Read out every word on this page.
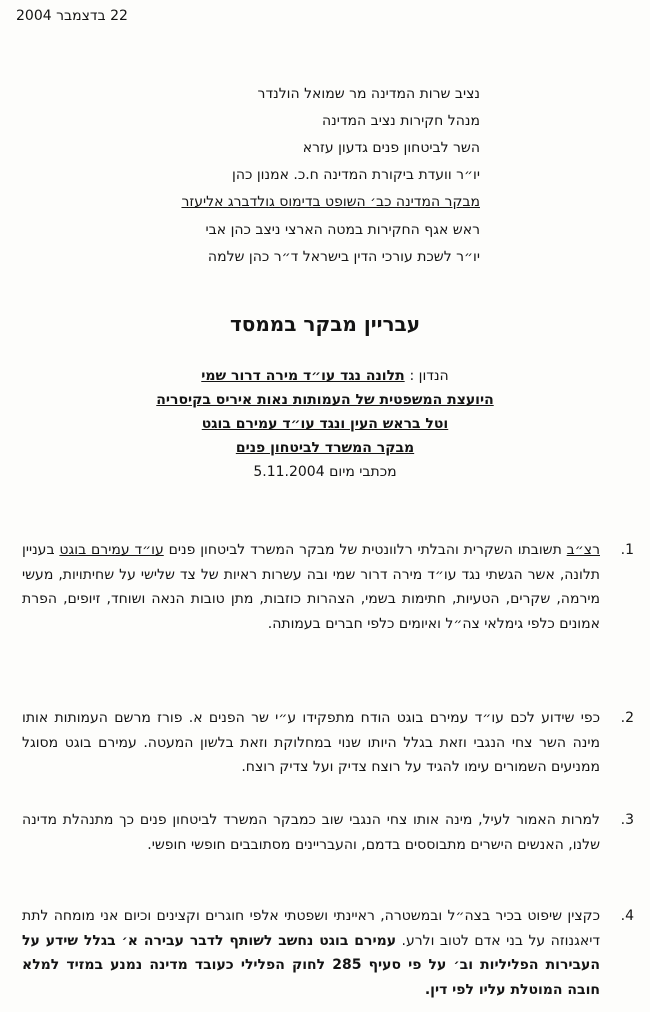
22 בדצמבר 2004
נציב שרות המדינה מר שמואל הולנדר
מנהל חקירות נציב המדינה
השר לביטחון פנים גדעון עזרא
יו״ר וועדת ביקורת המדינה ח.כ. אמנון כהן
מבקר המדינה כב׳ השופט בדימוס גולדברג אליעזר
ראש אגף החקירות במטה הארצי ניצב כהן אבי
יו״ר לשכת עורכי הדין בישראל ד״ר כהן שלמה
עבריין מבקר בממסד
הנדון : תלונה נגד עו״ד מירה דרור שמי
היועצת המשפטית של העמותות נאות איריס בקיסריה
וטל בראש העין ונגד עו״ד עמירם בוגט
מבקר המשרד לביטחון פנים
מכתבי מיום 5.11.2004
1.
רצ״ב תשובתו השקרית והבלתי רלוונטית של מבקר המשרד לביטחון פנים עו״ד עמירם בוגט בעניין תלונה, אשר הגשתי נגד עו״ד מירה דרור שמי ובה עשרות ראיות של צד שלישי על שחיתויות, מעשי מירמה, שקרים, הטעיות, חתימות בשמי, הצהרות כוזבות, מתן טובות הנאה ושוחד, זיופים, הפרת אמונים כלפי גימלאי צה״ל ואיומים כלפי חברים בעמותה.
2.
כפי שידוע לכם עו״ד עמירם בוגט הודח מתפקידו ע״י שר הפנים א. פורז מרשם העמותות אותו מינה השר צחי הנגבי וזאת בגלל היותו שנוי במחלוקת וזאת בלשון המעטה. עמירם בוגט מסוגל ממניעים השמורים עימו להגיד על רוצח צדיק ועל צדיק רוצח.
3.
למרות האמור לעיל, מינה אותו צחי הנגבי שוב כמבקר המשרד לביטחון פנים כך מתנהלת מדינה שלנו, האנשים הישרים מתבוססים בדמם, והעבריינים מסתובבים חופשי חופשי.
4.
כקצין שיפוט בכיר בצה״ל ובמשטרה, ראיינתי ושפטתי אלפי חוגרים וקצינים וכיום אני מומחה לתת דיאגנוזה על בני אדם לטוב ולרע. עמירם בוגט נחשב לשותף לדבר עבירה א׳ בגלל שידע על העבירות הפליליות וב׳ על פי סעיף 285 לחוק הפלילי כעובד מדינה נמנע במזיד למלא חובה המוטלת עליו לפי דין.
